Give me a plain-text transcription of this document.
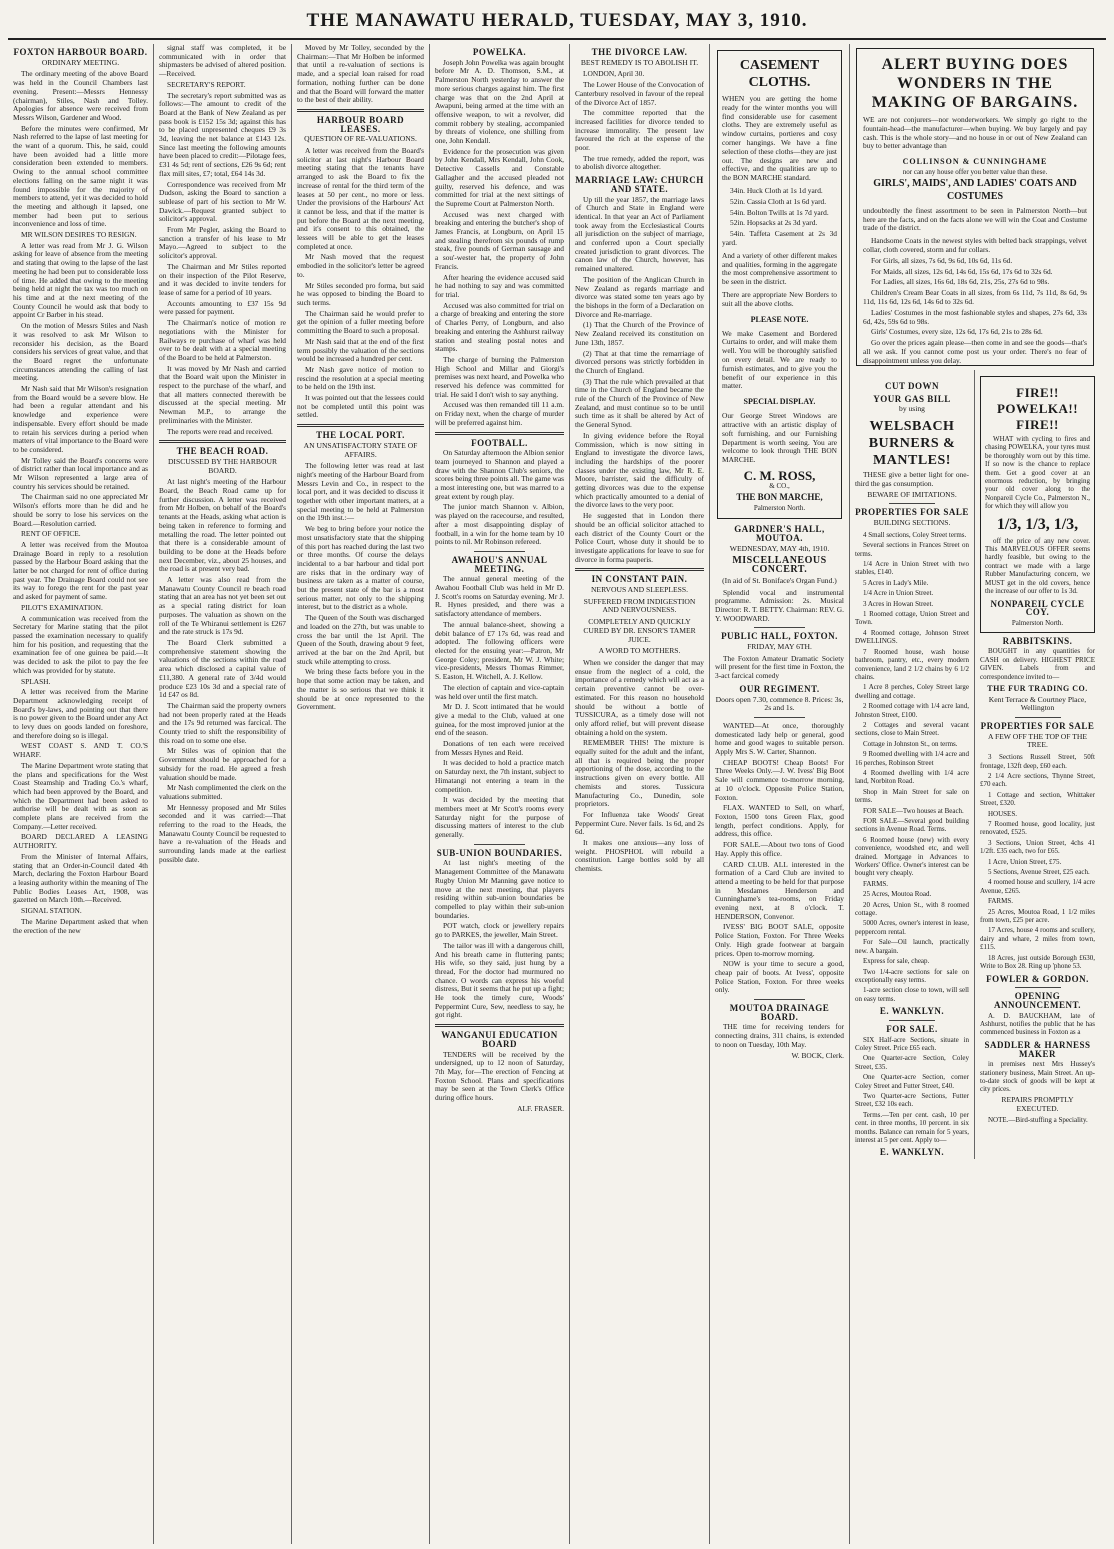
THE MANAWATU HERALD, TUESDAY, MAY 3, 1910.
FOXTON HARBOUR BOARD.
ORDINARY MEETING.

The ordinary meeting of the above Board was held in the Council Chambers last evening. Present:—Messrs Hennessy (chairman), Stiles, Nash and Tolley. Apologies for absence were received from Messrs Wilson, Gardener and Wood.

Before the minutes were confirmed, Mr Nash referred to the lapse of last meeting for the want of a quorum. This, he said, could have been avoided had a little more consideration been extended to members. Owing to the annual school committee elections falling on the same night it was found impossible for the majority of members to attend, yet it was decided to hold the meeting and although it lapsed, one member had been put to serious inconvenience and loss of time.

MR WILSON DESIRES TO RESIGN.

A letter was read from Mr J. G. Wilson asking for leave of absence from the meeting and stating that owing to the lapse of the last meeting he had been put to considerable loss of time. He added that owing to the meeting being held at night the tax was too much on his time and at the next meeting of the County Council he would ask that body to appoint Cr Barber in his stead.

On the motion of Messrs Stiles and Nash it was resolved to ask Mr Wilson to reconsider his decision, as the Board considers his services of great value, and that the Board regret the unfortunate circumstances attending the calling of last meeting.

Mr Nash said that Mr Wilson's resignation from the Board would be a severe blow. He had been a regular attendant and his knowledge and experience were indispensable. Every effort should be made to retain his services during a period when matters of vital importance to the Board were to be considered.

Mr Tolley said the Board's concerns were of district rather than local importance and as Mr Wilson represented a large area of country his services should be retained.

The Chairman said no one appreciated Mr Wilson's efforts more than he did and he should be sorry to lose his services on the Board.—Resolution carried.

RENT OF OFFICE.

A letter was received from the Moutoa Drainage Board in reply to a resolution passed by the Harbour Board asking that the latter be not charged for rent of office during past year. The Drainage Board could not see its way to forego the rent for the past year and asked for payment of same.

PILOT'S EXAMINATION.

A communication was received from the Secretary for Marine stating that the pilot passed the examination necessary to qualify him for his position, and requesting that the examination fee of one guinea be paid.—It was decided to ask the pilot to pay the fee which was provided for by statute.

SPLASH.

A letter was received from the Marine Department acknowledging receipt of Board's by-laws, and pointing out that there is no power given to the Board under any Act to levy dues on goods landed on foreshore, and therefore doing so is illegal.

WEST COAST S. AND T. CO.'S WHARF.

The Marine Department wrote stating that the plans and specifications for the West Coast Steamship and Trading Co.'s wharf, which had been approved by the Board, and which the Department had been asked to authorise will be dealt with as soon as complete plans are received from the Company.—Letter received.

BOARD DECLARED A LEASING AUTHORITY.

From the Minister of Internal Affairs, stating that an Order-in-Council dated 4th March, declaring the Foxton Harbour Board a leasing authority within the meaning of The Public Bodies Leases Act, 1908, was gazetted on March 10th.—Received.

SIGNAL STATION.

The Marine Department asked that when the erection of the new

signal staff was completed, it be communicated with in order that shipmasters be advised of altered position.—Received.

SECRETARY'S REPORT.

The secretary's report submitted was as follows:—The amount to credit of the Board at the Bank of New Zealand as per pass book is £152 15s 3d; against this has to be placed unpresented cheques £9 3s 3d, leaving the net balance at £143 12s. Since last meeting the following amounts have been placed to credit:—Pilotage fees, £31 4s 5d; rent of sections, £26 9s 6d; rent flax mill sites, £7; total, £64 14s 3d.

Correspondence was received from Mr Dudson, asking the Board to sanction a sublease of part of his section to Mr W. Dawick.—Request granted subject to solicitor's approval.

From Mr Pegler, asking the Board to sanction a transfer of his lease to Mr Mayo.—Agreed to subject to the solicitor's approval.

The Chairman and Mr Stiles reported on their inspection of the Pilot Reserve, and it was decided to invite tenders for lease of same for a period of 10 years.

Accounts amounting to £37 15s 9d were passed for payment.

The Chairman's notice of motion re negotiations with the Minister for Railways re purchase of wharf was held over to be dealt with at a special meeting of the Board to be held at Palmerston.

It was moved by Mr Nash and carried that the Board wait upon the Minister in respect to the purchase of the wharf, and that all matters connected therewith be discussed at the special meeting. Mr Newman M.P., to arrange the preliminaries with the Minister.

The reports were read and received.

THE BEACH ROAD.
DISCUSSED BY THE HARBOUR BOARD.

At last night's meeting of the Harbour Board, the Beach Road came up for further discussion. A letter was received from Mr Holben, on behalf of the Board's tenants at the Heads, asking what action is being taken in reference to forming and metalling the road. The letter pointed out that there is a considerable amount of building to be done at the Heads before next December, viz., about 25 houses, and the road is at present very bad.

A letter was also read from the Manawatu County Council re beach road stating that an area has not yet been set out as a special rating district for loan purposes. The valuation as shown on the roll of the Te Whiranui settlement is £267 and the rate struck is 17s 9d.

The Board Clerk submitted a comprehensive statement showing the valuations of the sections within the road area which disclosed a capital value of £11,380. A general rate of 3/4d would produce £23 10s 3d and a special rate of 1d £47 os 8d.

The Chairman said the property owners had not been properly rated at the Heads and the 17s 9d returned was farcical. The County tried to shift the responsibility of this road on to some one else.

Mr Stiles was of opinion that the Government should be approached for a subsidy for the road. He agreed a fresh valuation should be made.

Mr Nash complimented the clerk on the valuations submitted.

Mr Hennessy proposed and Mr Stiles seconded and it was carried:—That referring to the road to the Heads, the Manawatu County Council be requested to have a re-valuation of the Heads and surrounding lands made at the earliest possible date.

Moved by Mr Tolley, seconded by the Chairman:—That Mr Holben be informed that until a re-valuation of sections is made, and a special loan raised for road formation, nothing further can be done and that the Board will forward the matter to the best of their ability.

HARBOUR BOARD LEASES.
QUESTION OF RE-VALUATIONS.

A letter was received from the Board's solicitor at last night's Harbour Board meeting stating that the tenants have arranged to ask the Board to fix the increase of rental for the third term of the leases at 50 per cent., no more or less. Under the provisions of the Harbours' Act it cannot be less, and that if the matter is put before the Board at the next meeting, and it's consent to this obtained, the lessees will be able to get the leases completed at once.

Mr Nash moved that the request embodied in the solicitor's letter be agreed to.

Mr Stiles seconded pro forma, but said he was opposed to binding the Board to such terms.

The Chairman said he would prefer to get the opinion of a fuller meeting before committing the Board to such a proposal.

Mr Nash said that at the end of the first term possibly the valuation of the sections would be increased a hundred per cent.

Mr Nash gave notice of motion to rescind the resolution at a special meeting to be held on the 19th inst.

It was pointed out that the lessees could not be completed until this point was settled.

THE LOCAL PORT.
AN UNSATISFACTORY STATE OF AFFAIRS.

The following letter was read at last night's meeting of the Harbour Board from Messrs Levin and Co., in respect to the local port, and it was decided to discuss it together with other important matters, at a special meeting to be held at Palmerston on the 19th inst.:—

We beg to bring before your notice the most unsatisfactory state that the shipping of this port has reached during the last two or three months. Of course the delays incidental to a bar harbour and tidal port are risks that in the ordinary way of business are taken as a matter of course, but the present state of the bar is a most serious matter, not only to the shipping interest, but to the district as a whole.

The Queen of the South was discharged and loaded on the 27th, but was unable to cross the bar until the 1st April. The Queen of the South, drawing about 9 feet, arrived at the bar on the 2nd April, but stuck while attempting to cross.

We bring these facts before you in the hope that some action may be taken, and the matter is so serious that we think it should be at once represented to the Government.

POWELKA.

Joseph John Powelka was again brought before Mr A. D. Thomson, S.M., at Palmerston North yesterday to answer the more serious charges against him. The first charge was that on the 2nd April at Awapuni, being armed at the time with an offensive weapon, to wit a revolver, did commit robbery by stealing, accompanied by threats of violence, one shilling from one, John Kendall.

Evidence for the prosecution was given by John Kendall, Mrs Kendall, John Cook, Detective Cassells and Constable Gallagher and the accused pleaded not guilty, reserved his defence, and was committed for trial at the next sittings of the Supreme Court at Palmerston North.

Accused was next charged with breaking and entering the butcher's shop of James Francis, at Longburn, on April 15 and stealing therefrom six pounds of rump steak, five pounds of German sausage and a sou'-wester hat, the property of John Francis.

After hearing the evidence accused said he had nothing to say and was committed for trial.

Accused was also committed for trial on a charge of breaking and entering the store of Charles Perry, of Longburn, and also breaking and entering the Ashhurst railway station and stealing postal notes and stamps.

The charge of burning the Palmerston High School and Millar and Giorgi's premises was next heard, and Powelka who reserved his defence was committed for trial. He said I don't wish to say anything.

Accused was then remanded till 11 a.m. on Friday next, when the charge of murder will be preferred against him.

FOOTBALL.

On Saturday afternoon the Albion senior team journeyed to Shannon and played a draw with the Shannon Club's seniors, the scores being three points all. The game was a most interesting one, but was marred to a great extent by rough play.

The junior match Shannon v. Albion, was played on the racecourse, and resulted, after a most disappointing display of football, in a win for the home team by 10 points to nil. Mr Robinson refereed.

AWAHOU'S ANNUAL MEETING.

The annual general meeting of the Awahou Football Club was held in Mr D. J. Scott's rooms on Saturday evening. Mr J. R. Hynes presided, and there was a satisfactory attendance of members.

The annual balance-sheet, showing a debit balance of £7 17s 6d, was read and adopted. The following officers were elected for the ensuing year:—Patron, Mr George Coley; president, Mr W. J. White; vice-presidents, Messrs Thomas Rimmer, S. Easton, H. Witchell, A. J. Kellow.

The election of captain and vice-captain was held over until the first match.

Mr D. J. Scott intimated that he would give a medal to the Club, valued at one guinea, for the most improved junior at the end of the season.

Donations of ten each were received from Messrs Hynes and Reid.

It was decided to hold a practice match on Saturday next, the 7th instant, subject to Himatangi not entering a team in the competition.

It was decided by the meeting that members meet at Mr Scott's rooms every Saturday night for the purpose of discussing matters of interest to the club generally.

SUB-UNION BOUNDARIES.

At last night's meeting of the Management Committee of the Manawatu Rugby Union Mr Manning gave notice to move at the next meeting, that players residing within sub-union boundaries be compelled to play within their sub-union boundaries.

POT watch, clock or jewellery repairs go to PARKES, the jeweller, Main Street.

The tailor was ill with a dangerous chill, And his breath came in fluttering pants; His wife, so they said, just hung by a thread, For the doctor had murmured no chance. O words can express his woeful distress, But it seems that he put up a fight; He took the timely cure, Woods' Peppermint Cure, Sew, needless to say, he got right.

WANGANUI EDUCATION BOARD

TENDERS will be received by the undersigned, up to 12 noon of Saturday, 7th May, for—The erection of Fencing at Foxton School. Plans and specifications may be seen at the Town Clerk's Office during office hours.

ALF. FRASER.
THE DIVORCE LAW.
BEST REMEDY IS TO ABOLISH IT.

LONDON, April 30.

The Lower House of the Convocation of Canterbury resolved in favour of the repeal of the Divorce Act of 1857.

The committee reported that the increased facilities for divorce tended to increase immorality. The present law favoured the rich at the expense of the poor.

The true remedy, added the report, was to abolish divorce altogether.

MARRIAGE LAW: CHURCH AND STATE.

Up till the year 1857, the marriage laws of Church and State in England were identical. In that year an Act of Parliament took away from the Ecclesiastical Courts all jurisdiction on the subject of marriage, and conferred upon a Court specially created jurisdiction to grant divorces. The canon law of the Church, however, has remained unaltered.

The position of the Anglican Church in New Zealand as regards marriage and divorce was stated some ten years ago by the bishops in the form of a Declaration on Divorce and Re-marriage.

(1) That the Church of the Province of New Zealand received its constitution on June 13th, 1857.

(2) That at that time the remarriage of divorced persons was strictly forbidden in the Church of England.

(3) That the rule which prevailed at that time in the Church of England became the rule of the Church of the Province of New Zealand, and must continue so to be until such time as it shall be altered by Act of the General Synod.

In giving evidence before the Royal Commission, which is now sitting in England to investigate the divorce laws, including the hardships of the poorer classes under the existing law, Mr R. E. Moore, barrister, said the difficulty of getting divorces was due to the expense which practically amounted to a denial of the divorce laws to the very poor.

He suggested that in London there should be an official solicitor attached to each district of the County Court or the Police Court, whose duty it should be to investigate applications for leave to sue for divorce in forma pauperis.

IN CONSTANT PAIN.
NERVOUS AND SLEEPLESS.
SUFFERED FROM INDIGESTION AND NERVOUSNESS.
COMPLETELY AND QUICKLY CURED BY DR. ENSOR'S TAMER JUICE.
A WORD TO MOTHERS.

When we consider the danger that may ensue from the neglect of a cold, the importance of a remedy which will act as a certain preventive cannot be over-estimated. For this reason no household should be without a bottle of TUSSICURA, as a timely dose will not only afford relief, but will prevent disease obtaining a hold on the system.

REMEMBER THIS! The mixture is equally suited for the adult and the infant, all that is required being the proper apportioning of the dose, according to the instructions given on every bottle. All chemists and stores. Tussicura Manufacturing Co., Dunedin, sole proprietors.

For Influenza take Woods' Great Peppermint Cure. Never fails. 1s 6d, and 2s 6d.

It makes one anxious—any loss of weight. PHOSPHOL will rebuild a constitution. Large bottles sold by all chemists.

CASEMENT CLOTHS.
WHEN you are getting the home ready for the winter months you will find considerable use for casement cloths. They are extremely useful as window curtains, portieres and cosy corner hangings. We have a fine selection of these cloths—they are just out. The designs are new and effective, and the qualities are up to the BON MARCHE standard.

34in. Huck Cloth at 1s 1d yard.

52in. Cassia Cloth at 1s 6d yard.

54in. Bolton Twills at 1s 7d yard.

52in. Hopsacks at 2s 3d yard.

54in. Taffeta Casement at 2s 3d yard.

And a variety of other different makes and qualities, forming in the aggregate the most comprehensive assortment to be seen in the district.
There are appropriate New Borders to suit all the above cloths.
PLEASE NOTE.
We make Casement and Bordered Curtains to order, and will make them well. You will be thoroughly satisfied on every detail. We are ready to furnish estimates, and to give you the benefit of our experience in this matter.
SPECIAL DISPLAY.
Our George Street Windows are attractive with an artistic display of soft furnishing, and our Furnishing Department is worth seeing. You are welcome to look through THE BON MARCHE.
C. M. ROSS,
& CO.,
THE BON MARCHE,
Palmerston North.
GARDNER'S HALL, MOUTOA.
WEDNESDAY, MAY 4th, 1910.
MISCELLANEOUS CONCERT.
(In aid of St. Boniface's Organ Fund.)

Splendid vocal and instrumental programme. Admission: 2s. Musical Director: R. T. BETTY. Chairman: REV. G. Y. WOODWARD.

PUBLIC HALL, FOXTON.
FRIDAY, MAY 6TH.

The Foxton Amateur Dramatic Society will present for the first time in Foxton, the 3-act farcical comedy

OUR REGIMENT.
Doors open 7.30, commence 8. Prices: 3s, 2s and 1s.

WANTED—At once, thoroughly domesticated lady help or general, good home and good wages to suitable person. Apply Mrs S. W. Carter, Shannon.

CHEAP BOOTS! Cheap Boots! For Three Weeks Only.—J. W. Ivess' Big Boot Sale will commence to-morrow morning, at 10 o'clock. Opposite Police Station, Foxton.

FLAX. WANTED to Sell, on wharf, Foxton, 1500 tons Green Flax, good length, perfect conditions. Apply, for address, this office.

FOR SALE.—About two tons of Good Hay. Apply this office.

CARD CLUB. ALL interested in the formation of a Card Club are invited to attend a meeting to be held for that purpose in Mesdames Henderson and Cunninghame's tea-rooms, on Friday evening next, at 8 o'clock. T. HENDERSON, Convenor.

IVESS' BIG BOOT SALE, opposite Police Station, Foxton. For Three Weeks Only. High grade footwear at bargain prices. Open to-morrow morning.

NOW is your time to secure a good, cheap pair of boots. At Ivess', opposite Police Station, Foxton. For three weeks only.

MOUTOA DRAINAGE BOARD.

THE time for receiving tenders for connecting drains, 311 chains, is extended to noon on Tuesday, 10th May.

W. BOCK, Clerk.
ALERT BUYING DOES WONDERS IN THE MAKING OF BARGAINS.
WE are not conjurers—nor wonderworkers. We simply go right to the fountain-head—the manufacturer—when buying. We buy largely and pay cash. This is the whole story—and no house in or out of New Zealand can buy to better advantage than
COLLINSON & CUNNINGHAME
nor can any house offer you better value than these.
GIRLS', MAIDS', AND LADIES' COATS AND COSTUMES
undoubtedly the finest assortment to be seen in Palmerston North—but here are the facts, and on the facts alone we will win the Coat and Costume trade of the district.

Handsome Coats in the newest styles with belted back strappings, velvet collar, cloth covered, storm and fur collars.

For Girls, all sizes, 7s 6d, 9s 6d, 10s 6d, 11s 6d.

For Maids, all sizes, 12s 6d, 14s 6d, 15s 6d, 17s 6d to 32s 6d.

For Ladies, all sizes, 16s 6d, 18s 6d, 21s, 25s, 27s 6d to 98s.

Children's Cream Bear Coats in all sizes, from 6s 11d, 7s 11d, 8s 6d, 9s 11d, 11s 6d, 12s 6d, 14s 6d to 32s 6d.

Ladies' Costumes in the most fashionable styles and shapes, 27s 6d, 33s 6d, 42s, 59s 6d to 98s.

Girls' Costumes, every size, 12s 6d, 17s 6d, 21s to 28s 6d.

Go over the prices again please—then come in and see the goods—that's all we ask. If you cannot come post us your order. There's no fear of disappointment unless you delay.

CUT DOWN
YOUR GAS BILL
by using
WELSBACH BURNERS & MANTLES!

THESE give a better light for one-third the gas consumption.

BEWARE OF IMITATIONS.
PROPERTIES FOR SALE
BUILDING SECTIONS.

4 Small sections, Coley Street terms.

Several sections in Frances Street on terms.

1/4 Acre in Union Street with two stables, £140.

5 Acres in Lady's Mile.

1/4 Acre in Union Street.

3 Acres in Howan Street.

1 Roomed cottage, Union Street and Town.

4 Roomed cottage, Johnson Street DWELLINGS.

7 Roomed house, wash house bathroom, pantry, etc., every modern convenience, land 2 1/2 chains by 6 1/2 chains.

1 Acre 8 perches, Coley Street large dwelling and cottage.

2 Roomed cottage with 1/4 acre land, Johnston Street, £100.

2 Cottages and several vacant sections, close to Main Street.

Cottage in Johnston St., on terms.

9 Roomed dwelling with 1/4 acre and 16 perches, Robinson Street

4 Roomed dwelling with 1/4 acre land, Norbiton Road.

Shop in Main Street for sale on terms.

FOR SALE—Two houses at Beach.

FOR SALE—Several good building sections in Avenue Road. Terms.

6 Roomed house (new) with every convenience, woodshed etc, and well drained. Mortgage in Advances to Workers' Office. Owner's interest can be bought very cheaply.

FARMS.

25 Acres, Moutoa Road.

20 Acres, Union St., with 8 roomed cottage.

5000 Acres, owner's interest in lease, peppercorn rental.

For Sale—Oil launch, practically new. A bargain.

Express for sale, cheap.

Two 1/4-acre sections for sale on exceptionally easy terms.

1-acre section close to town, will sell on easy terms.

E. WANKLYN.
FOR SALE.

SIX Half-acre Sections, situate in Coley Street. Price £65 each.

One Quarter-acre Section, Coley Street, £35.

One Quarter-acre Section, corner Coley Street and Futter Street, £40.

Two Quarter-acre Sections, Futter Street, £32 10s each.

Terms.—Ten per cent. cash, 10 per cent. in three months, 10 percent. in six months. Balance can remain for 5 years, interest at 5 per cent. Apply to—

E. WANKLYN.
FIRE!! POWELKA!! FIRE!!

WHAT with cycling to fires and chasing POWELKA, your tyres must be thoroughly worn out by this time. If so now is the chance to replace them. Get a good cover at an enormous reduction, by bringing your old cover along to the Nonpareil Cycle Co., Palmerston N., for which they will allow you

1/3, 1/3, 1/3,

off the price of any new cover. This MARVELOUS OFFER seems hardly feasible, but owing to the contract we made with a large Rubber Manufacturing concern, we MUST get in the old covers, hence the increase of our offer to 1s 3d.

NONPAREIL CYCLE COY.
Palmerston North.
RABBITSKINS.

BOUGHT in any quantities for CASH on delivery. HIGHEST PRICE GIVEN. Labels from and correspondence invited to—

THE FUR TRADING CO.
Kent Terrace & Courtney Place, Wellington
PROPERTIES FOR SALE
A FEW OFF THE TOP OF THE TREE.

3 Sections Russell Street, 50ft frontage, 132ft deep, £60 each.

2 1/4 Acre sections, Thynne Street, £70 each.

1 Cottage and section, Whittaker Street, £320.

HOUSES.

7 Roomed house, good locality, just renovated, £525.

3 Sections, Union Street, 4chs 41 1/2ft. £35 each, two for £65.

1 Acre, Union Street, £75.

5 Sections, Avenue Street, £25 each.

4 roomed house and scullery, 1/4 acre Avenue, £265.

FARMS.

25 Acres, Moutoa Road, 1 1/2 miles from town, £25 per acre.

17 Acres, house 4 rooms and scullery, dairy and whare, 2 miles from town, £115.

18 Acres, just outside Borough £630, Write to Box 28. Ring up 'phone 53.

FOWLER & GORDON.
OPENING ANNOUNCEMENT.

A. D. BAUCKHAM, late of Ashhurst, notifies the public that he has commenced business in Foxton as a

SADDLER & HARNESS MAKER

in premises next Mrs Hussey's stationery business, Main Street. An up-to-date stock of goods will be kept at city prices.

REPAIRS PROMPTLY EXECUTED.

NOTE.—Bird-stuffing a Speciality.
